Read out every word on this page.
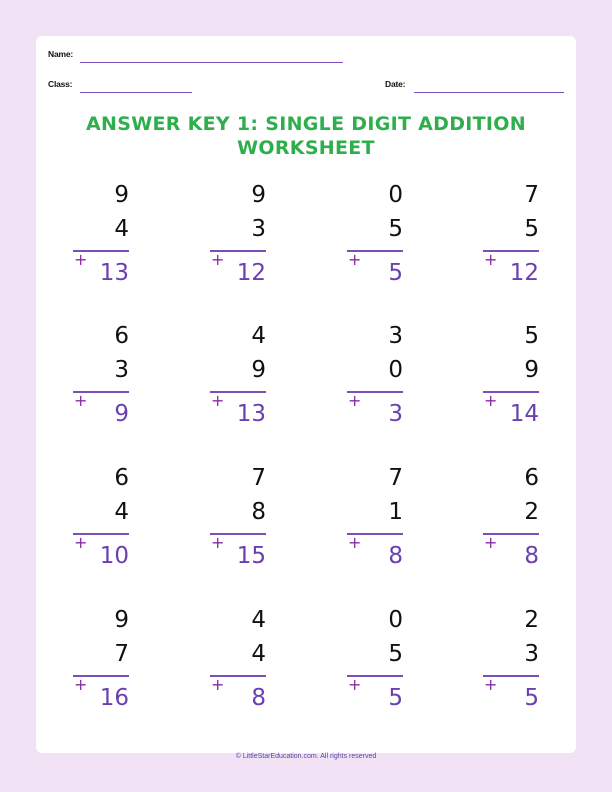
Name:
Class:	Date:
ANSWER KEY 1: SINGLE DIGIT ADDITION
WORKSHEET
9
4
+
13
9
3
+
12
0
5
+
5
7
5
+
12
6
3
+
9
4
9
+
13
3
0
+
3
5
9
+
14
6
4
+
10
7
8
+
15
7
1
+
8
6
2
+
8
9
7
+
16
4
4
+
8
0
5
+
5
2
3
+
5
© LittleStarEducation.com. All rights reserved
